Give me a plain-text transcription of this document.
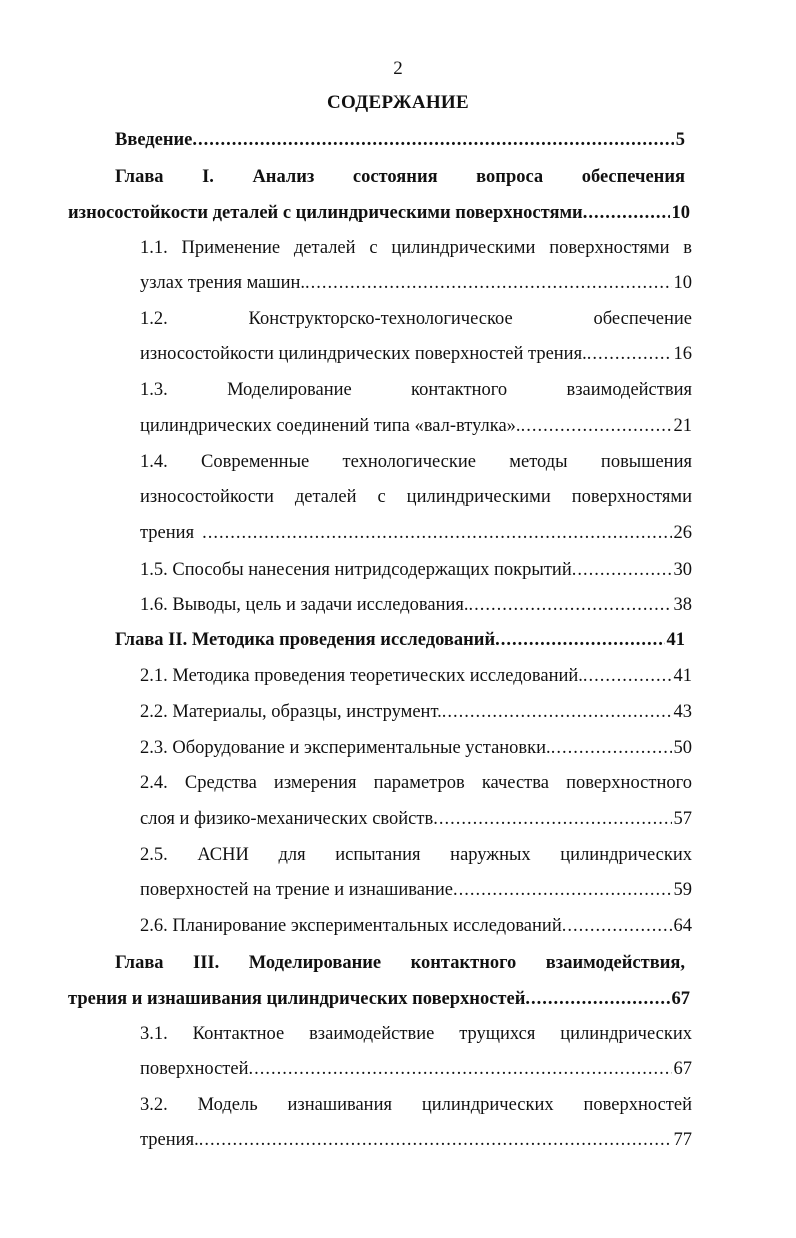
2
СОДЕРЖАНИЕ
Введение .....	5
Глава I. Анализ состояния вопроса обеспечения
износостойкости деталей с цилиндрическими поверхностями .....	10
1.1. Применение деталей с цилиндрическими поверхностями в
узлах трения машин. .....	10
1.2. Конструкторско-технологическое обеспечение
износостойкости цилиндрических поверхностей трения. .....	16
1.3. Моделирование контактного взаимодействия
цилиндрических соединений типа «вал-втулка». .....	21
1.4. Современные технологические методы повышения
износостойкости деталей с цилиндрическими поверхностями
трения .....	26
1.5. Способы нанесения нитридсодержащих покрытий .....	30
1.6. Выводы, цель и задачи исследования. .....	38
Глава II. Методика проведения исследований .....	41
2.1. Методика проведения теоретических исследований. .....	41
2.2. Материалы, образцы, инструмент. .....	43
2.3. Оборудование и экспериментальные установки. .....	50
2.4. Средства измерения параметров качества поверхностного
слоя и физико-механических свойств .....	57
2.5. АСНИ для испытания наружных цилиндрических
поверхностей на трение и изнашивание .....	59
2.6. Планирование экспериментальных исследований .....	64
Глава III. Моделирование контактного взаимодействия,
трения и изнашивания цилиндрических поверхностей .....	67
3.1. Контактное взаимодействие трущихся цилиндрических
поверхностей .....	67
3.2. Модель изнашивания цилиндрических поверхностей
трения. .....	77
